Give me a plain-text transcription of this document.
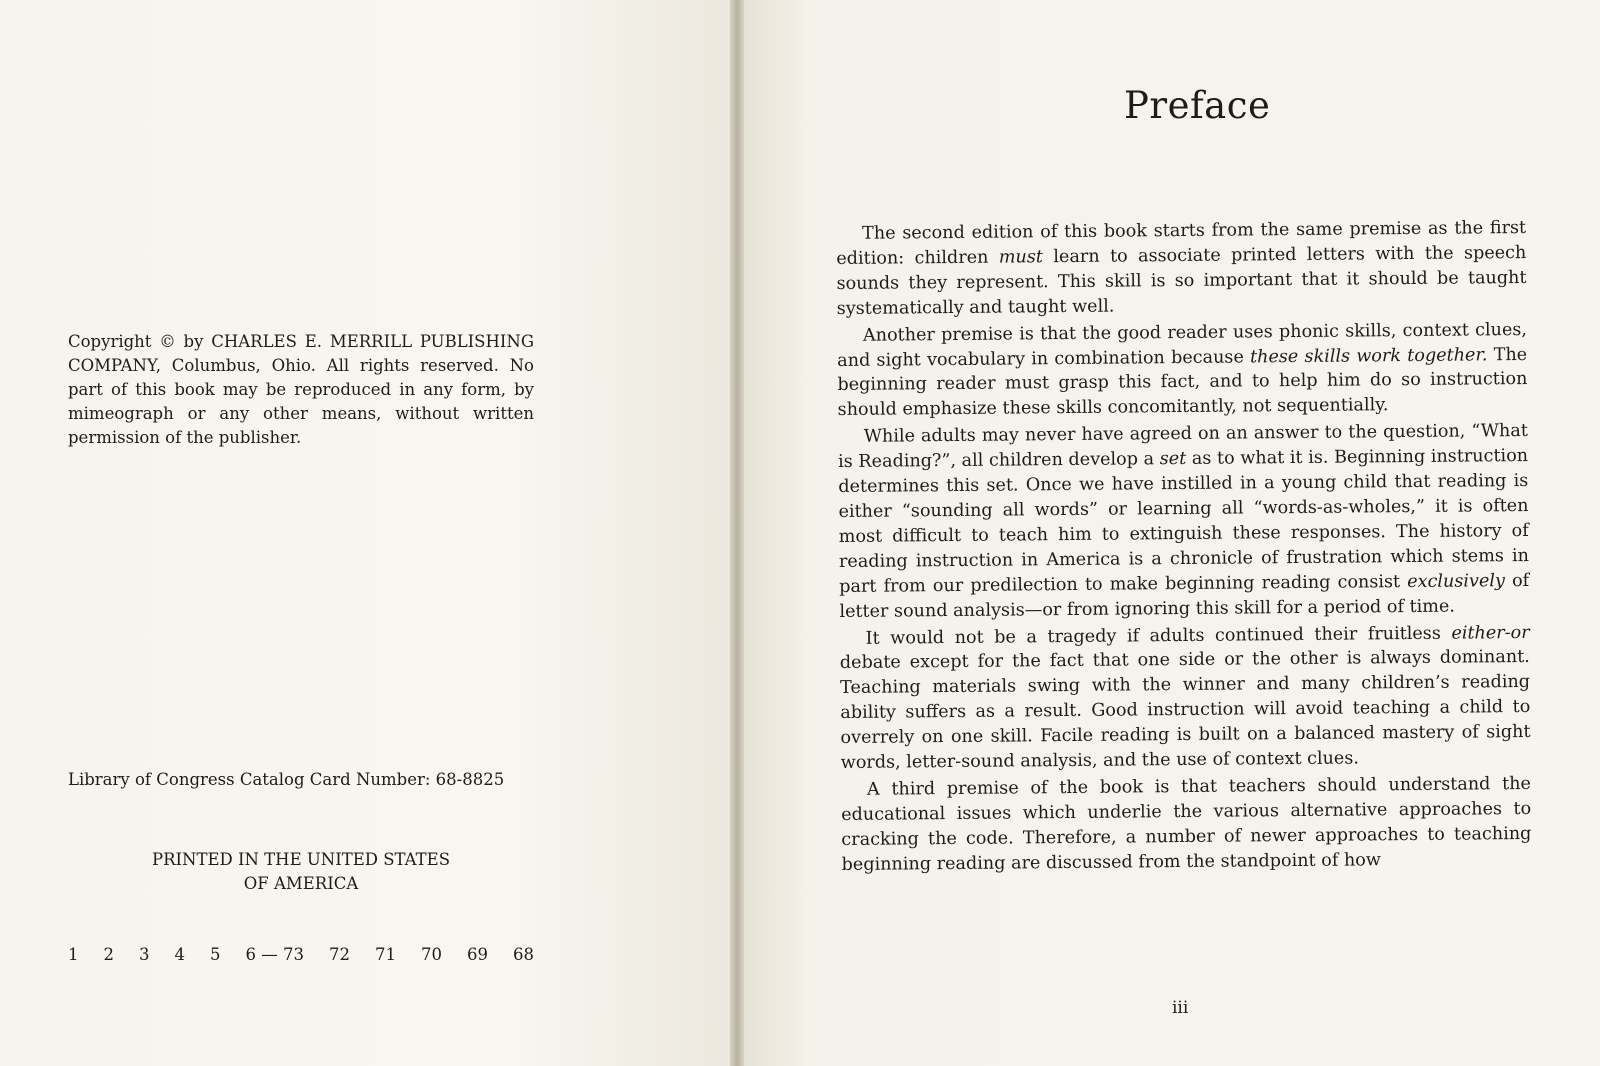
Copyright © by CHARLES E. MERRILL PUBLISHING COMPANY, Columbus, Ohio. All rights reserved. No part of this book may be reproduced in any form, by mimeograph or any other means, without written permission of the publisher.
Library of Congress Catalog Card Number: 68-8825
PRINTED IN THE UNITED STATES
OF AMERICA
1 2 3 4 5 6 — 73 72 71 70 69 68
Preface

The second edition of this book starts from the same premise as the first edition: children must learn to associate printed letters with the speech sounds they represent. This skill is so important that it should be taught systematically and taught well.

Another premise is that the good reader uses phonic skills, context clues, and sight vocabulary in combination because these skills work together. The beginning reader must grasp this fact, and to help him do so instruction should emphasize these skills concomitantly, not sequentially.

While adults may never have agreed on an answer to the question, “What is Reading?”, all children develop a set as to what it is. Beginning instruction determines this set. Once we have instilled in a young child that reading is either “sounding all words” or learning all “words-as-wholes,” it is often most difficult to teach him to extinguish these responses. The history of reading instruction in America is a chronicle of frustration which stems in part from our predilection to make beginning reading consist exclusively of letter sound analysis—or from ignoring this skill for a period of time.

It would not be a tragedy if adults continued their fruitless either-or debate except for the fact that one side or the other is always dominant. Teaching materials swing with the winner and many children’s reading ability suffers as a result. Good instruction will avoid teaching a child to overrely on one skill. Facile reading is built on a balanced mastery of sight words, letter-sound analysis, and the use of context clues.

A third premise of the book is that teachers should understand the educational issues which underlie the various alternative approaches to cracking the code. Therefore, a number of newer approaches to teaching beginning reading are discussed from the standpoint of how

iii
